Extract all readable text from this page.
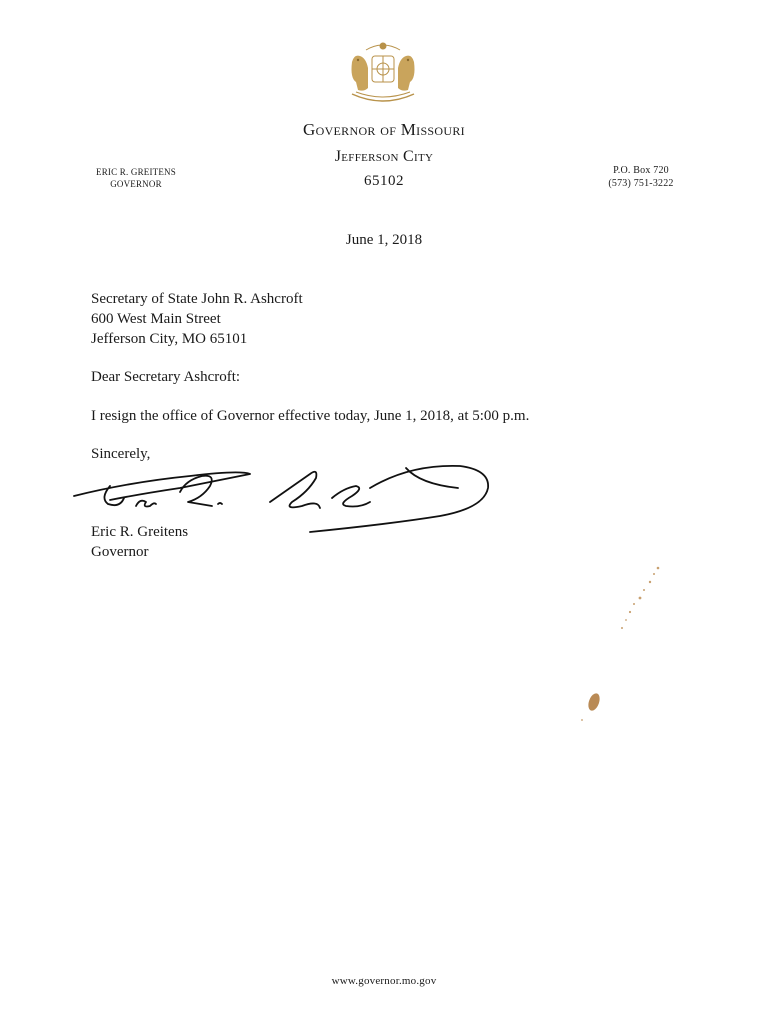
Governor of Missouri
Jefferson City
65102
ERIC R. GREITENS
GOVERNOR
P.O. Box 720
(573) 751-3222
June 1, 2018
Secretary of State John R. Ashcroft
600 West Main Street
Jefferson City, MO 65101
Dear Secretary Ashcroft:
I resign the office of Governor effective today, June 1, 2018, at 5:00 p.m.
Sincerely,
Eric R. Greitens
Governor
www.governor.mo.gov
